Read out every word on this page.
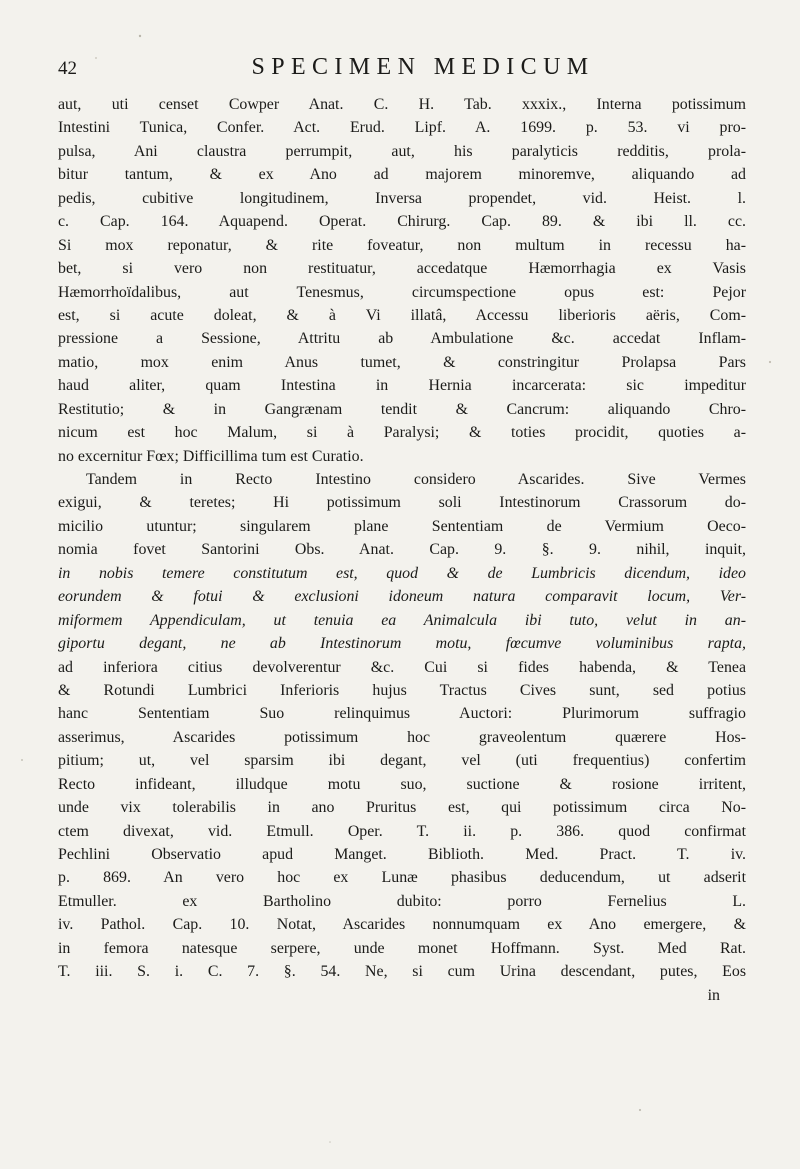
42	SPECIMEN MEDICUM
aut, uti censet Cowper Anat. C. H. Tab. xxxix., Interna potissimum
Intestini Tunica, Confer. Act. Erud. Lipf. A. 1699. p. 53. vi pro-
pulsa, Ani claustra perrumpit, aut, his paralyticis redditis, prola-
bitur tantum, & ex Ano ad majorem minoremve, aliquando ad
pedis, cubitive longitudinem, Inversa propendet, vid. Heist. l.
c. Cap. 164. Aquapend. Operat. Chirurg. Cap. 89. & ibi ll. cc.
Si mox reponatur, & rite foveatur, non multum in recessu ha-
bet, si vero non restituatur, accedatque Hæmorrhagia ex Vasis
Hæmorrhoïdalibus, aut Tenesmus, circumspectione opus est: Pejor
est, si acute doleat, & à Vi illatâ, Accessu liberioris aëris, Com-
pressione a Sessione, Attritu ab Ambulatione &c. accedat Inflam-
matio, mox enim Anus tumet, & constringitur Prolapsa Pars
haud aliter, quam Intestina in Hernia incarcerata: sic impeditur
Restitutio; & in Gangrænam tendit & Cancrum: aliquando Chro-
nicum est hoc Malum, si à Paralysi; & toties procidit, quoties a-
no excernitur Fœx; Difficillima tum est Curatio.
Tandem in Recto Intestino considero Ascarides. Sive Vermes
exigui, & teretes; Hi potissimum soli Intestinorum Crassorum do-
micilio utuntur; singularem plane Sententiam de Vermium Oeco-
nomia fovet Santorini Obs. Anat. Cap. 9. §. 9. nihil, inquit,
in nobis temere constitutum est, quod & de Lumbricis dicendum, ideo
eorundem & fotui & exclusioni idoneum natura comparavit locum, Ver-
miformem Appendiculam, ut tenuia ea Animalcula ibi tuto, velut in an-
giportu degant, ne ab Intestinorum motu, fœcumve voluminibus rapta,
ad inferiora citius devolverentur &c. Cui si fides habenda, & Tenea
& Rotundi Lumbrici Inferioris hujus Tractus Cives sunt, sed potius
hanc Sententiam Suo relinquimus Auctori: Plurimorum suffragio
asserimus, Ascarides potissimum hoc graveolentum quærere Hos-
pitium; ut, vel sparsim ibi degant, vel (uti frequentius) confertim
Recto infideant, illudque motu suo, suctione & rosione irritent,
unde vix tolerabilis in ano Pruritus est, qui potissimum circa No-
ctem divexat, vid. Etmull. Oper. T. ii. p. 386. quod confirmat
Pechlini Observatio apud Manget. Biblioth. Med. Pract. T. iv.
p. 869. An vero hoc ex Lunæ phasibus deducendum, ut adserit
Etmuller. ex Bartholino dubito: porro Fernelius L.
iv. Pathol. Cap. 10. Notat, Ascarides nonnumquam ex Ano emergere, &
in femora natesque serpere, unde monet Hoffmann. Syst. Med Rat.
T. iii. S. i. C. 7. §. 54. Ne, si cum Urina descendant, putes, Eos
in
